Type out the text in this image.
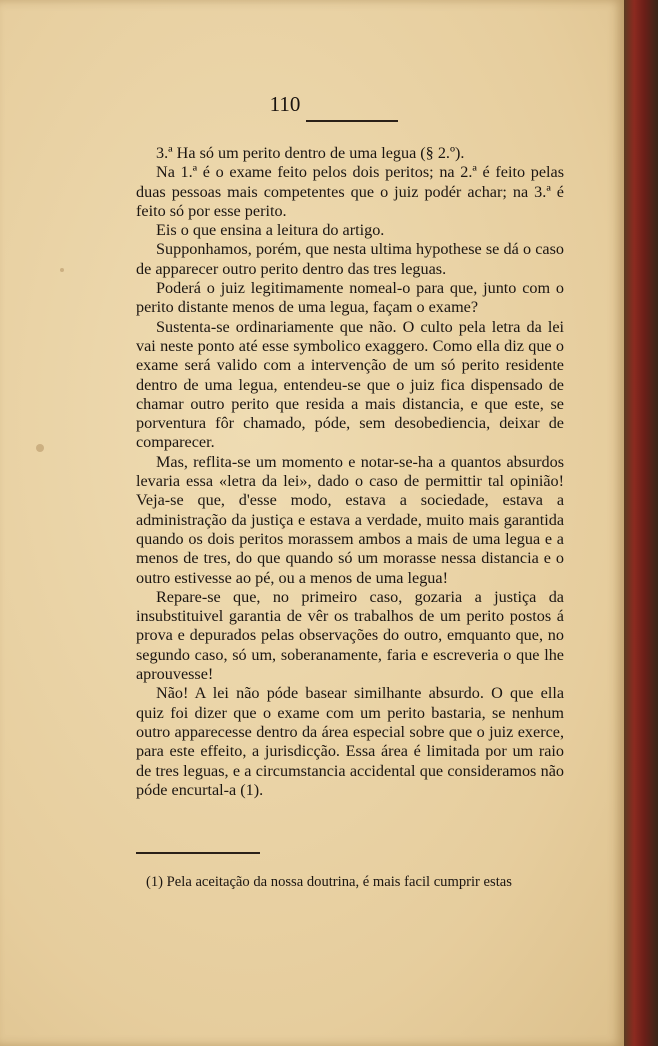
110

3.ª Ha só um perito dentro de uma legua (§ 2.º).

Na 1.ª é o exame feito pelos dois peritos; na 2.ª é feito pelas duas pessoas mais competentes que o juiz podér achar; na 3.ª é feito só por esse perito.

Eis o que ensina a leitura do artigo.

Supponhamos, porém, que nesta ultima hypothese se dá o caso de apparecer outro perito dentro das tres leguas.

Poderá o juiz legitimamente nomeal-o para que, junto com o perito distante menos de uma legua, façam o exame?

Sustenta-se ordinariamente que não. O culto pela letra da lei vai neste ponto até esse symbolico exaggero. Como ella diz que o exame será valido com a intervenção de um só perito residente dentro de uma legua, entendeu-se que o juiz fica dispensado de chamar outro perito que resida a mais distancia, e que este, se porventura fôr chamado, póde, sem desobediencia, deixar de comparecer.

Mas, reflita-se um momento e notar-se-ha a quantos absurdos levaria essa «letra da lei», dado o caso de permittir tal opinião! Veja-se que, d'esse modo, estava a sociedade, estava a administração da justiça e estava a verdade, muito mais garantida quando os dois peritos morassem ambos a mais de uma legua e a menos de tres, do que quando só um morasse nessa distancia e o outro estivesse ao pé, ou a menos de uma legua!

Repare-se que, no primeiro caso, gozaria a justiça da insubstituivel garantia de vêr os trabalhos de um perito postos á prova e depurados pelas observações do outro, emquanto que, no segundo caso, só um, soberanamente, faria e escreveria o que lhe aprouvesse!

Não! A lei não póde basear similhante absurdo. O que ella quiz foi dizer que o exame com um perito bastaria, se nenhum outro apparecesse dentro da área especial sobre que o juiz exerce, para este effeito, a jurisdicção. Essa área é limitada por um raio de tres leguas, e a circumstancia accidental que consideramos não póde encurtal-a (1).

(1) Pela aceitação da nossa doutrina, é mais facil cumprir estas
